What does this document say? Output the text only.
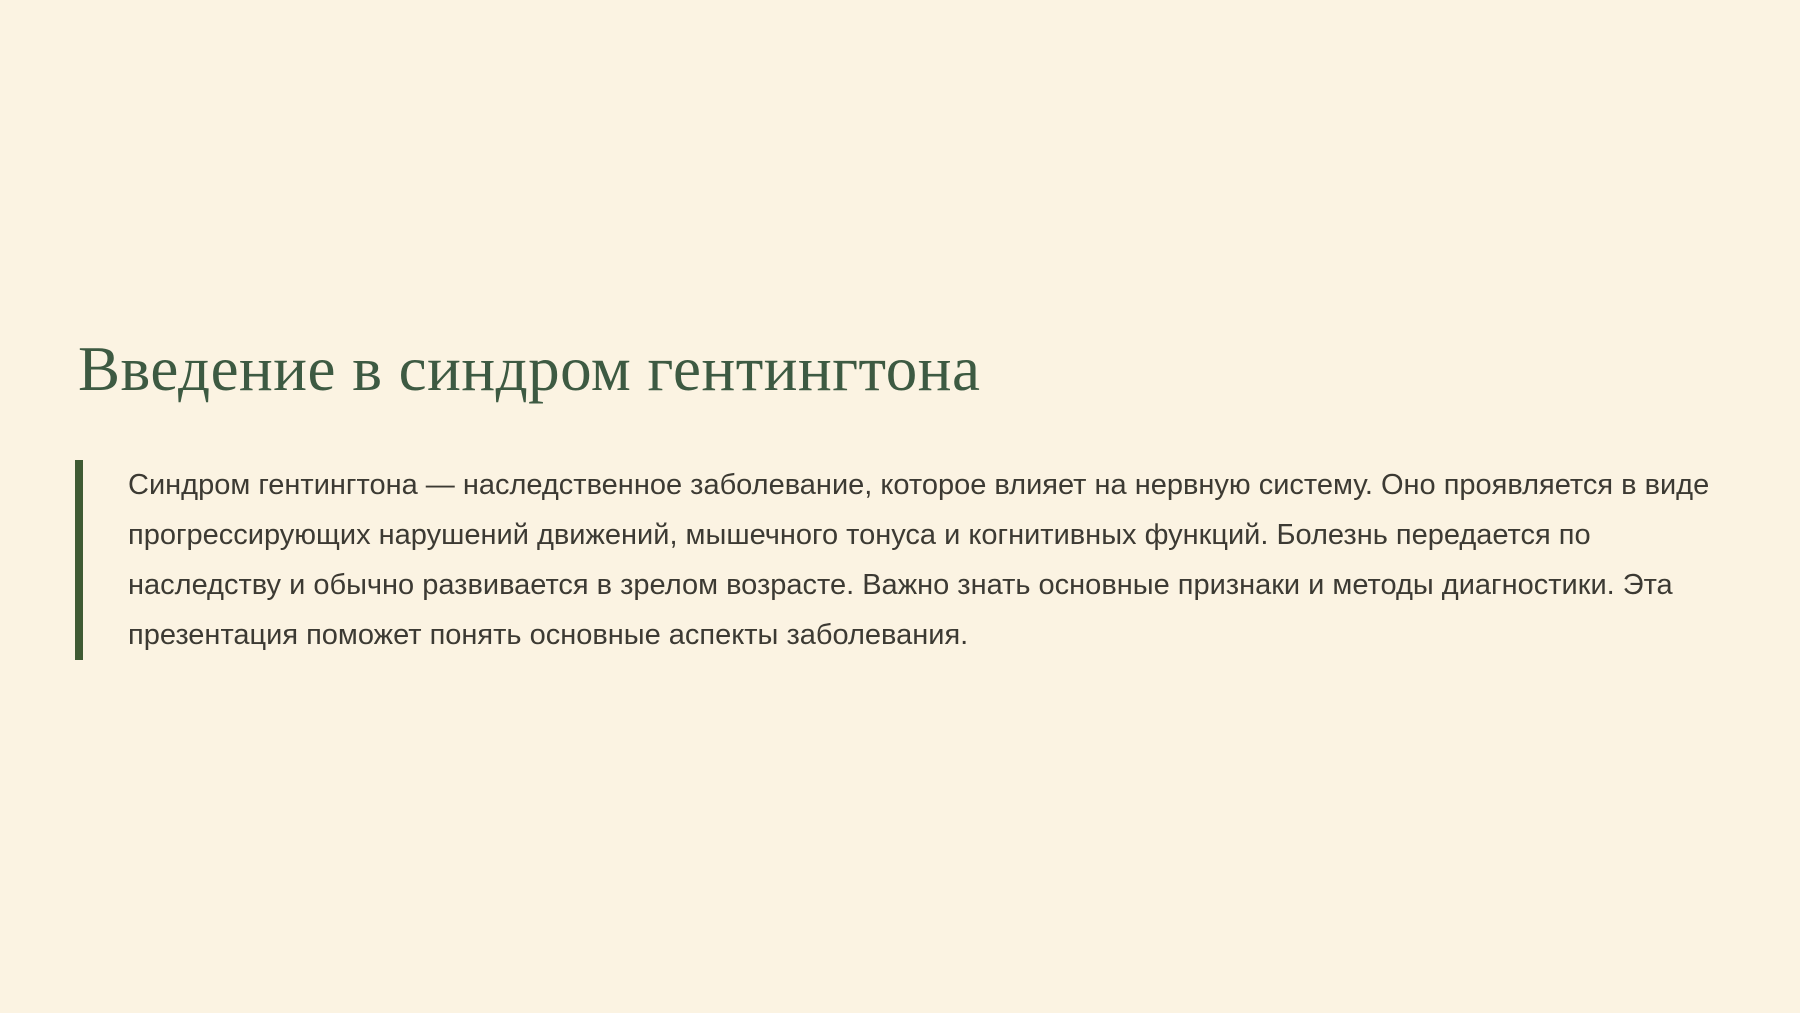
Введение в синдром гентингтона

Синдром гентингтона — наследственное заболевание, которое влияет на нервную систему. Оно проявляется в виде прогрессирующих нарушений движений, мышечного тонуса и когнитивных функций. Болезнь передается по наследству и обычно развивается в зрелом возрасте. Важно знать основные признаки и методы диагностики. Эта презентация поможет понять основные аспекты заболевания.
